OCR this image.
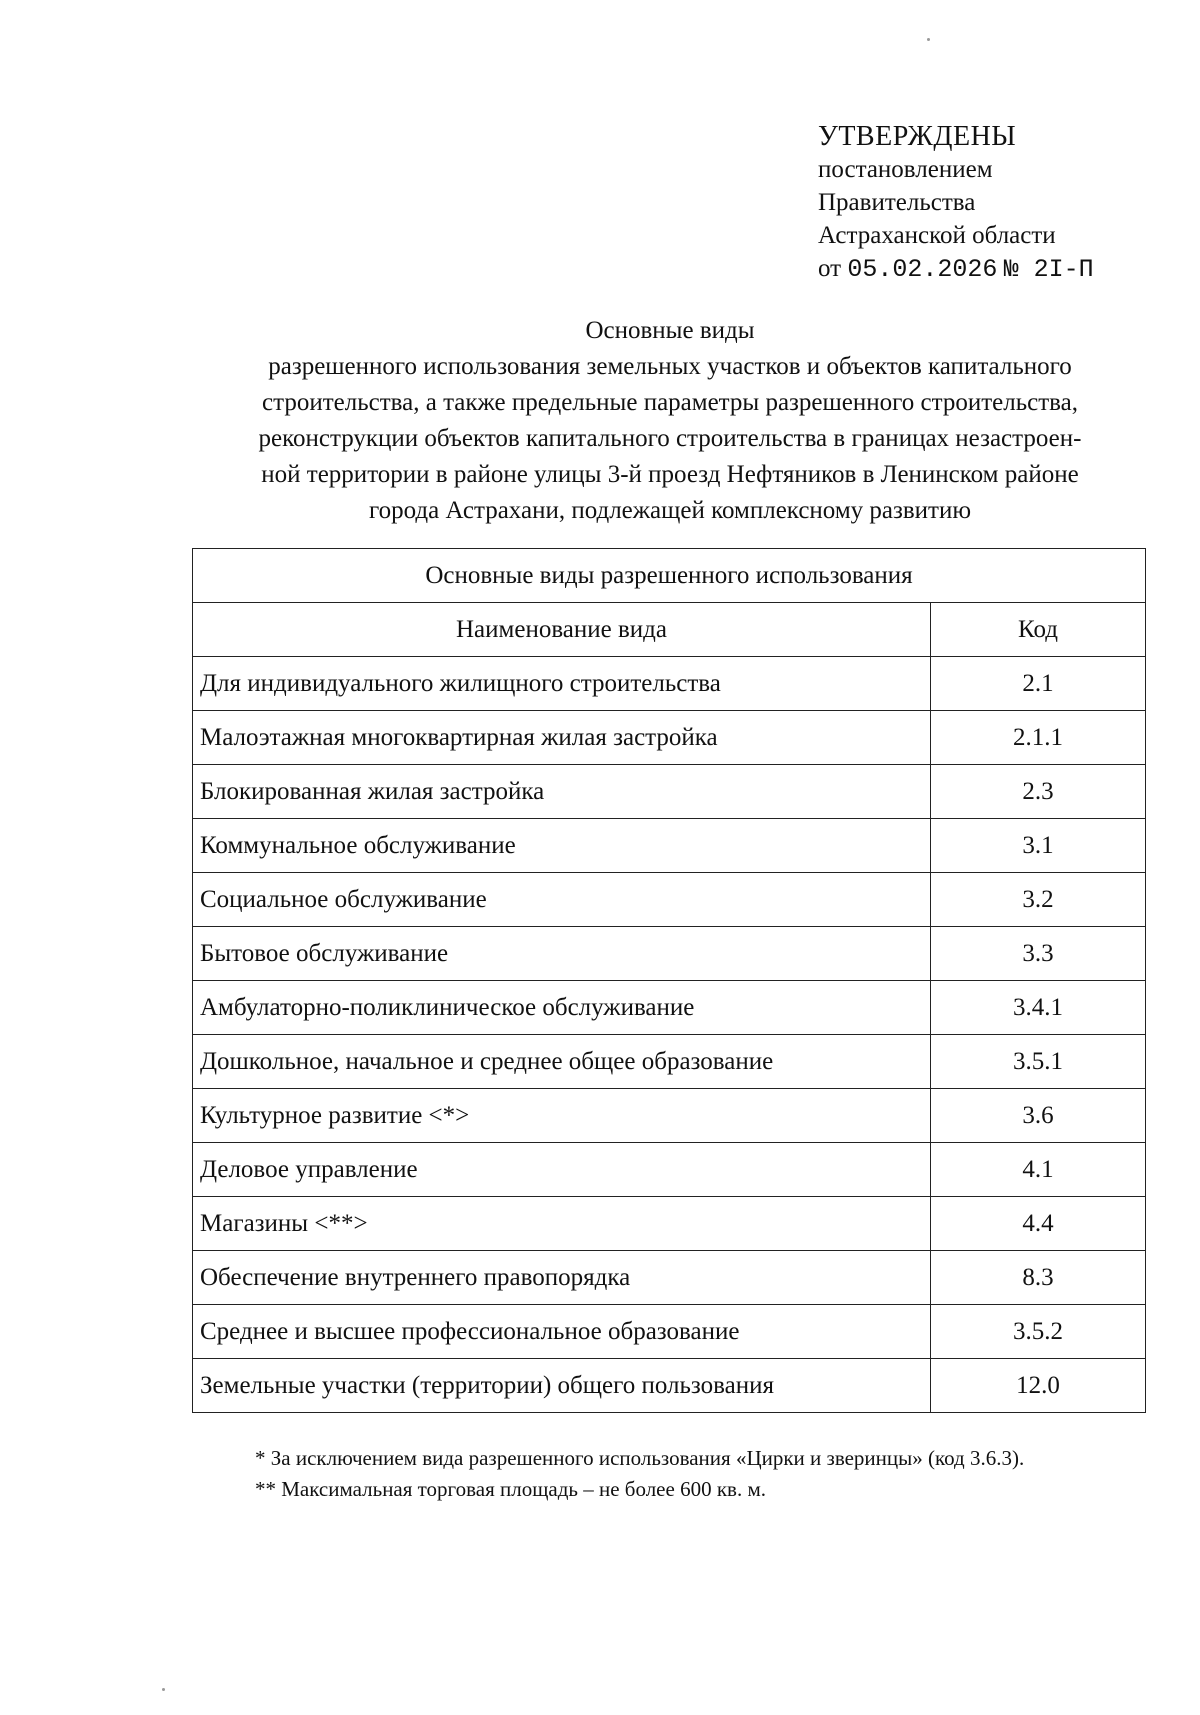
УТВЕРЖДЕНЫ
постановлением
Правительства
Астраханской области
от 05.02.2026 № 2I-П
Основные виды
разрешенного использования земельных участков и объектов капитального
строительства, а также предельные параметры разрешенного строительства,
реконструкции объектов капитального строительства в границах незастроен-
ной территории в районе улицы 3-й проезд Нефтяников в Ленинском районе
города Астрахани, подлежащей комплексному развитию
Основные виды разрешенного использования	
Наименование вида	Код
Для индивидуального жилищного строительства	2.1
Малоэтажная многоквартирная жилая застройка	2.1.1
Блокированная жилая застройка	2.3
Коммунальное обслуживание	3.1
Социальное обслуживание	3.2
Бытовое обслуживание	3.3
Амбулаторно-поликлиническое обслуживание	3.4.1
Дошкольное, начальное и среднее общее образование	3.5.1
Культурное развитие <*>	3.6
Деловое управление	4.1
Магазины <**>	4.4
Обеспечение внутреннего правопорядка	8.3
Среднее и высшее профессиональное образование	3.5.2
Земельные участки (территории) общего пользования	12.0
* За исключением вида разрешенного использования «Цирки и зверинцы» (код 3.6.3).
** Максимальная торговая площадь – не более 600 кв. м.
